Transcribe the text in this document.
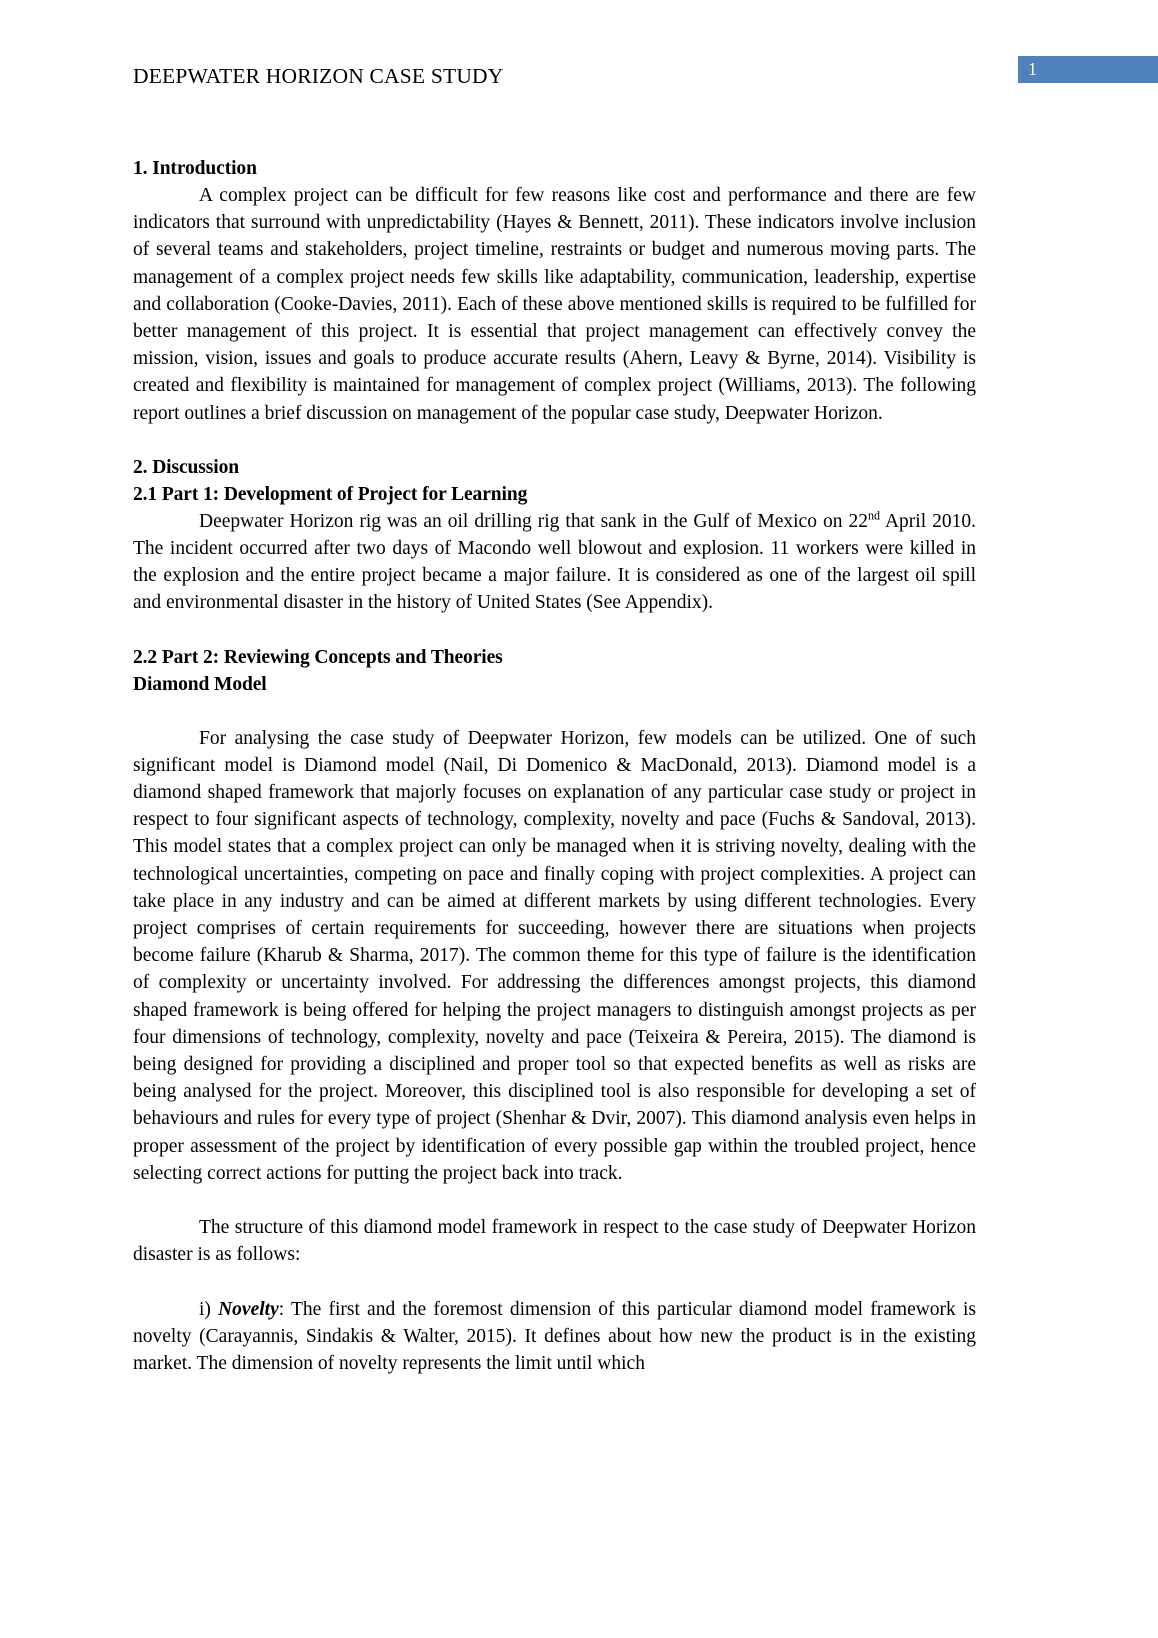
1
DEEPWATER HORIZON CASE STUDY
1. Introduction

A complex project can be difficult for few reasons like cost and performance and there are few indicators that surround with unpredictability (Hayes & Bennett, 2011). These indicators involve inclusion of several teams and stakeholders, project timeline, restraints or budget and numerous moving parts. The management of a complex project needs few skills like adaptability, communication, leadership, expertise and collaboration (Cooke-Davies, 2011). Each of these above mentioned skills is required to be fulfilled for better management of this project. It is essential that project management can effectively convey the mission, vision, issues and goals to produce accurate results (Ahern, Leavy & Byrne, 2014). Visibility is created and flexibility is maintained for management of complex project (Williams, 2013). The following report outlines a brief discussion on management of the popular case study, Deepwater Horizon.

2. Discussion
2.1 Part 1: Development of Project for Learning

Deepwater Horizon rig was an oil drilling rig that sank in the Gulf of Mexico on 22nd April 2010. The incident occurred after two days of Macondo well blowout and explosion. 11 workers were killed in the explosion and the entire project became a major failure. It is considered as one of the largest oil spill and environmental disaster in the history of United States (See Appendix).

2.2 Part 2: Reviewing Concepts and Theories
Diamond Model

For analysing the case study of Deepwater Horizon, few models can be utilized. One of such significant model is Diamond model (Nail, Di Domenico & MacDonald, 2013). Diamond model is a diamond shaped framework that majorly focuses on explanation of any particular case study or project in respect to four significant aspects of technology, complexity, novelty and pace (Fuchs & Sandoval, 2013). This model states that a complex project can only be managed when it is striving novelty, dealing with the technological uncertainties, competing on pace and finally coping with project complexities. A project can take place in any industry and can be aimed at different markets by using different technologies. Every project comprises of certain requirements for succeeding, however there are situations when projects become failure (Kharub & Sharma, 2017). The common theme for this type of failure is the identification of complexity or uncertainty involved. For addressing the differences amongst projects, this diamond shaped framework is being offered for helping the project managers to distinguish amongst projects as per four dimensions of technology, complexity, novelty and pace (Teixeira & Pereira, 2015). The diamond is being designed for providing a disciplined and proper tool so that expected benefits as well as risks are being analysed for the project. Moreover, this disciplined tool is also responsible for developing a set of behaviours and rules for every type of project (Shenhar & Dvir, 2007). This diamond analysis even helps in proper assessment of the project by identification of every possible gap within the troubled project, hence selecting correct actions for putting the project back into track.

The structure of this diamond model framework in respect to the case study of Deepwater Horizon disaster is as follows:

i) Novelty: The first and the foremost dimension of this particular diamond model framework is novelty (Carayannis, Sindakis & Walter, 2015). It defines about how new the product is in the existing market. The dimension of novelty represents the limit until which
